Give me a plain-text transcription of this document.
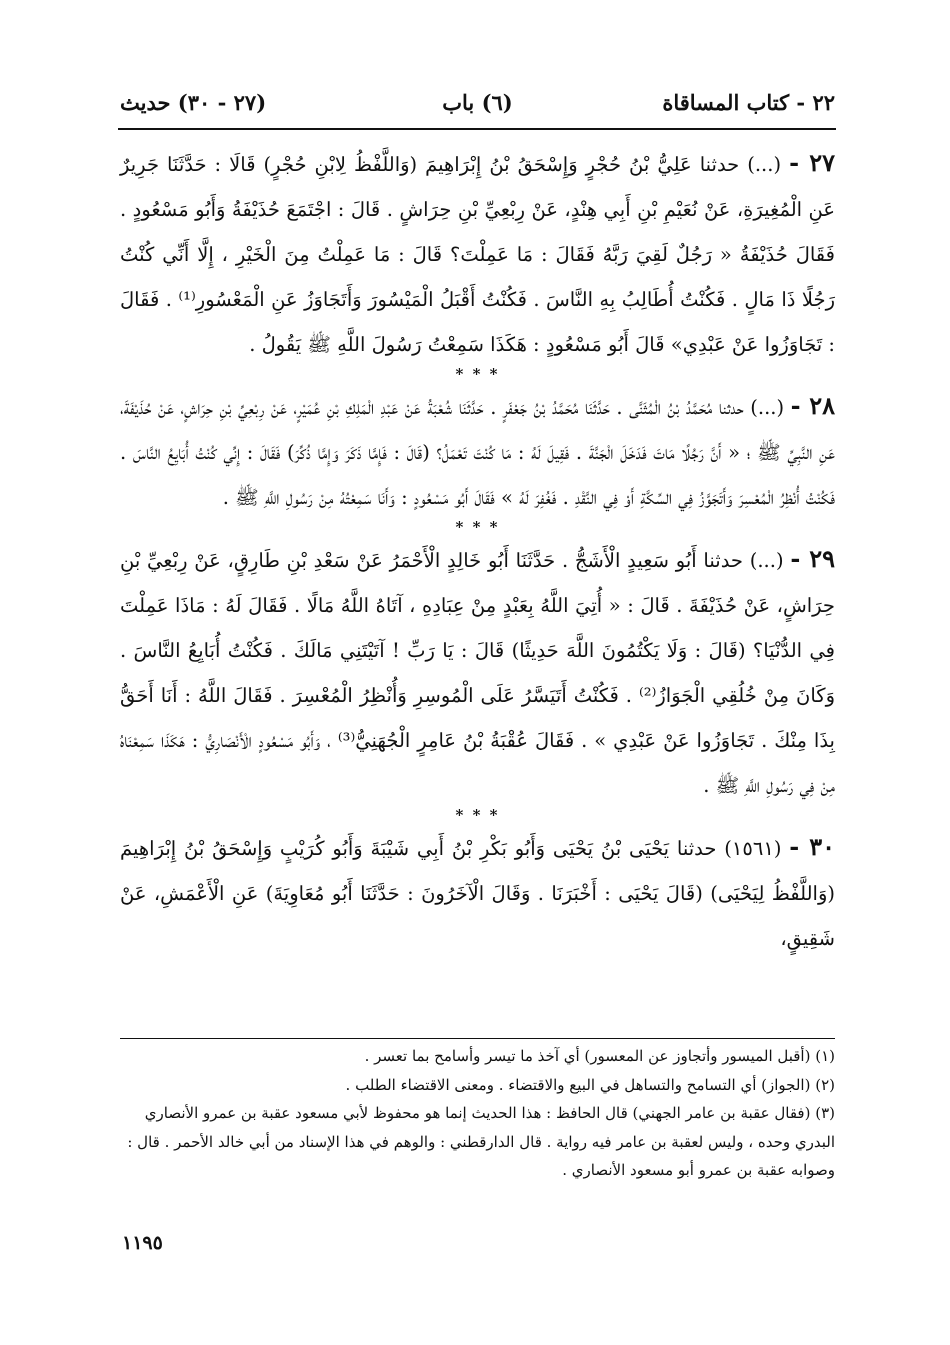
٢٢ - كتاب المساقاة
(٦) باب
(٢٧ - ٣٠) حديث

٢٧ - (...) حدثنا عَلِيُّ بْنُ حُجْرٍ وَإِسْحَقُ بْنُ إِبْرَاهِيمَ (وَاللَّفْظُ لِابْنِ حُجْرٍ) قَالَا : حَدَّثَنَا جَرِيرٌ عَنِ الْمُغِيرَةِ، عَنْ نُعَيْمِ بْنِ أَبِي هِنْدٍ، عَنْ رِبْعِيِّ بْنِ حِرَاشٍ . قَالَ : اجْتَمَعَ حُذَيْفَةُ وَأَبُو مَسْعُودٍ . فَقَالَ حُذَيْفَةُ « رَجُلٌ لَقِيَ رَبَّهُ فَقَالَ : مَا عَمِلْتَ؟ قَالَ : مَا عَمِلْتُ مِنَ الْخَيْرِ ، إِلَّا أَنِّي كُنْتُ رَجُلًا ذَا مَالٍ . فَكُنْتُ أُطَالِبُ بِهِ النَّاسَ . فَكُنْتُ أَقْبَلُ الْمَيْسُورَ وَأَتَجَاوَزُ عَنِ الْمَعْسُورِ⁽¹⁾ . فَقَالَ : تَجَاوَزُوا عَنْ عَبْدِي» قَالَ أَبُو مَسْعُودٍ : هَكَذَا سَمِعْتُ رَسُولَ اللَّهِ ﷺ يَقُولُ .

* * *

٢٨ - (...) حدثنا مُحَمَّدُ بْنُ الْمُثَنَّى . حَدَّثَنَا مُحَمَّدُ بْنُ جَعْفَرٍ . حَدَّثَنَا شُعْبَةُ عَنْ عَبْدِ الْمَلِكِ بْنِ عُمَيْرٍ، عَنْ رِبْعِيِّ بْنِ حِرَاشٍ، عَنْ حُذَيْفَةَ، عَنِ النَّبِيِّ ﷺ ؛ « أَنَّ رَجُلًا مَاتَ فَدَخَلَ الْجَنَّةَ . فَقِيلَ لَهُ : مَا كُنْتَ تَعْمَلُ؟ (قَالَ : فَإِمَّا ذَكَرَ وَإِمَّا ذُكِّرَ) فَقَالَ : إِنِّي كُنْتُ أُبَايِعُ النَّاسَ . فَكُنْتُ أُنْظِرُ الْمُعْسِرَ وَأَتَجَوَّزُ فِي السِّكَّةِ أَوْ فِي النَّقْدِ . فَغُفِرَ لَهُ » فَقَالَ أَبُو مَسْعُودٍ : وَأَنَا سَمِعْتُهُ مِنْ رَسُولِ اللَّهِ ﷺ .

* * *

٢٩ - (...) حدثنا أَبُو سَعِيدٍ الْأَشَجُّ . حَدَّثَنَا أَبُو خَالِدٍ الْأَحْمَرُ عَنْ سَعْدِ بْنِ طَارِقٍ، عَنْ رِبْعِيِّ بْنِ حِرَاشٍ، عَنْ حُذَيْفَةَ . قَالَ : « أُتِيَ اللَّهُ بِعَبْدٍ مِنْ عِبَادِهِ ، آتَاهُ اللَّهُ مَالًا . فَقَالَ لَهُ : مَاذَا عَمِلْتَ فِي الدُّنْيَا؟ (قَالَ : وَلَا يَكْتُمُونَ اللَّهَ حَدِيثًا) قَالَ : يَا رَبِّ ! آتَيْتَنِي مَالَكَ . فَكُنْتُ أُبَايِعُ النَّاسَ . وَكَانَ مِنْ خُلُقِي الْجَوَازُ⁽²⁾ . فَكُنْتُ أَتَيَسَّرُ عَلَى الْمُوسِرِ وَأُنْظِرُ الْمُعْسِرَ . فَقَالَ اللَّهُ : أَنَا أَحَقُّ بِذَا مِنْكَ . تَجَاوَزُوا عَنْ عَبْدِي » . فَقَالَ عُقْبَةُ بْنُ عَامِرٍ الْجُهَنِيُّ⁽³⁾ ، وَأَبُو مَسْعُودٍ الْأَنْصَارِيُّ : هَكَذَا سَمِعْنَاهُ مِنْ فِي رَسُولِ اللَّهِ ﷺ .

* * *

٣٠ - (١٥٦١) حدثنا يَحْيَى بْنُ يَحْيَى وَأَبُو بَكْرِ بْنُ أَبِي شَيْبَةَ وَأَبُو كُرَيْبٍ وَإِسْحَقُ بْنُ إِبْرَاهِيمَ (وَاللَّفْظُ لِيَحْيَى) (قَالَ يَحْيَى : أَخْبَرَنَا . وَقَالَ الْآخَرُونَ : حَدَّثَنَا أَبُو مُعَاوِيَةَ) عَنِ الْأَعْمَشِ، عَنْ شَقِيقٍ،

(١) (أقبل الميسور وأتجاوز عن المعسور) أي آخذ ما تيسر وأسامح بما تعسر .

(٢) (الجواز) أي التسامح والتساهل في البيع والاقتضاء . ومعنى الاقتضاء الطلب .

(٣) (فقال عقبة بن عامر الجهني) قال الحافظ : هذا الحديث إنما هو محفوظ لأبي مسعود عقبة بن عمرو الأنصاري البدري وحده ، وليس لعقبة بن عامر فيه رواية . قال الدارقطني : والوهم في هذا الإسناد من أبي خالد الأحمر . قال : وصوابه عقبة بن عمرو أبو مسعود الأنصاري .

١١٩٥
